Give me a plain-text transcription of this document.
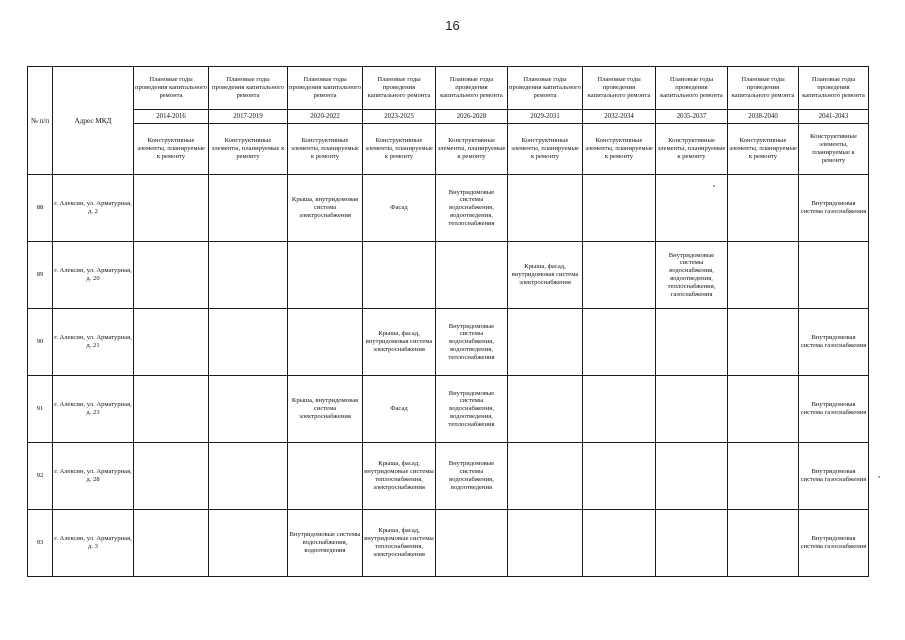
16
№ п/п	Адрес МКД	Плановые годы проведения капитального ремонта	Плановые годы проведения капитального ремонта	Плановые годы проведения капитального ремонта	Плановые годы проведения капитального ремонта	Плановые годы проведения капитального ремонта	Плановые годы проведения капитального ремонта	Плановые годы проведения капитального ремонта	Плановые годы проведения капитального ремонта	Плановые годы проведения капитального ремонта	Плановые годы проведения капитального ремонта
		2014-2016	2017-2019	2020-2022	2023-2025	2026-2028	2029-2031	2032-2034	2035-2037	2038-2040	2041-2043
		Конструктивные элементы, планируемые к ремонту	Конструктивные элементы, планируемые к ремонту	Конструктивные элементы, планируемые к ремонту	Конструктивные элементы, планируемые к ремонту	Конструктивные элементы, планируемые к ремонту	Конструктивные элементы, планируемые к ремонту	Конструктивные элементы, планируемые к ремонту	Конструктивные элементы, планируемые к ремонту	Конструктивные элементы, планируемые к ремонту	Конструктивные элементы, планируемые к ремонту
88	г. Алексин, ул. Арматурная, д. 2			Крыша, внутридомовая система электроснабжения	Фасад	Внутридомовые системы водоснабжения, водоотведения, теплоснабжения					Внутридомовая система газоснабжения
89	г. Алексин, ул. Арматурная, д. 20						Крыша, фасад, внутридомовая система электроснабжения		Внутридомовые системы водоснабжения, водоотведения, теплоснабжения, газоснабжения		
90	г. Алексин, ул. Арматурная, д. 21				Крыша, фасад, внутридомовая система электроснабжения	Внутридомовые системы водоснабжения, водоотведения, теплоснабжения					Внутридомовая система газоснабжения
91	г. Алексин, ул. Арматурная, д. 23			Крыша, внутридомовая система электроснабжения	Фасад	Внутридомовые системы водоснабжения, водоотведения, теплоснабжения					Внутридомовая система газоснабжения
92	г. Алексин, ул. Арматурная, д. 28				Крыша, фасад, внутридомовые системы теплоснабжения, электроснабжения	Внутридомовые системы водоснабжения, водоотведения					Внутридомовая система газоснабжения
93	г. Алексин, ул. Арматурная, д. 3			Внутридомовые системы водоснабжения, водоотведения	Крыша, фасад, внутридомовые системы теплоснабжения, электроснабжения						Внутридомовая система газоснабжения
